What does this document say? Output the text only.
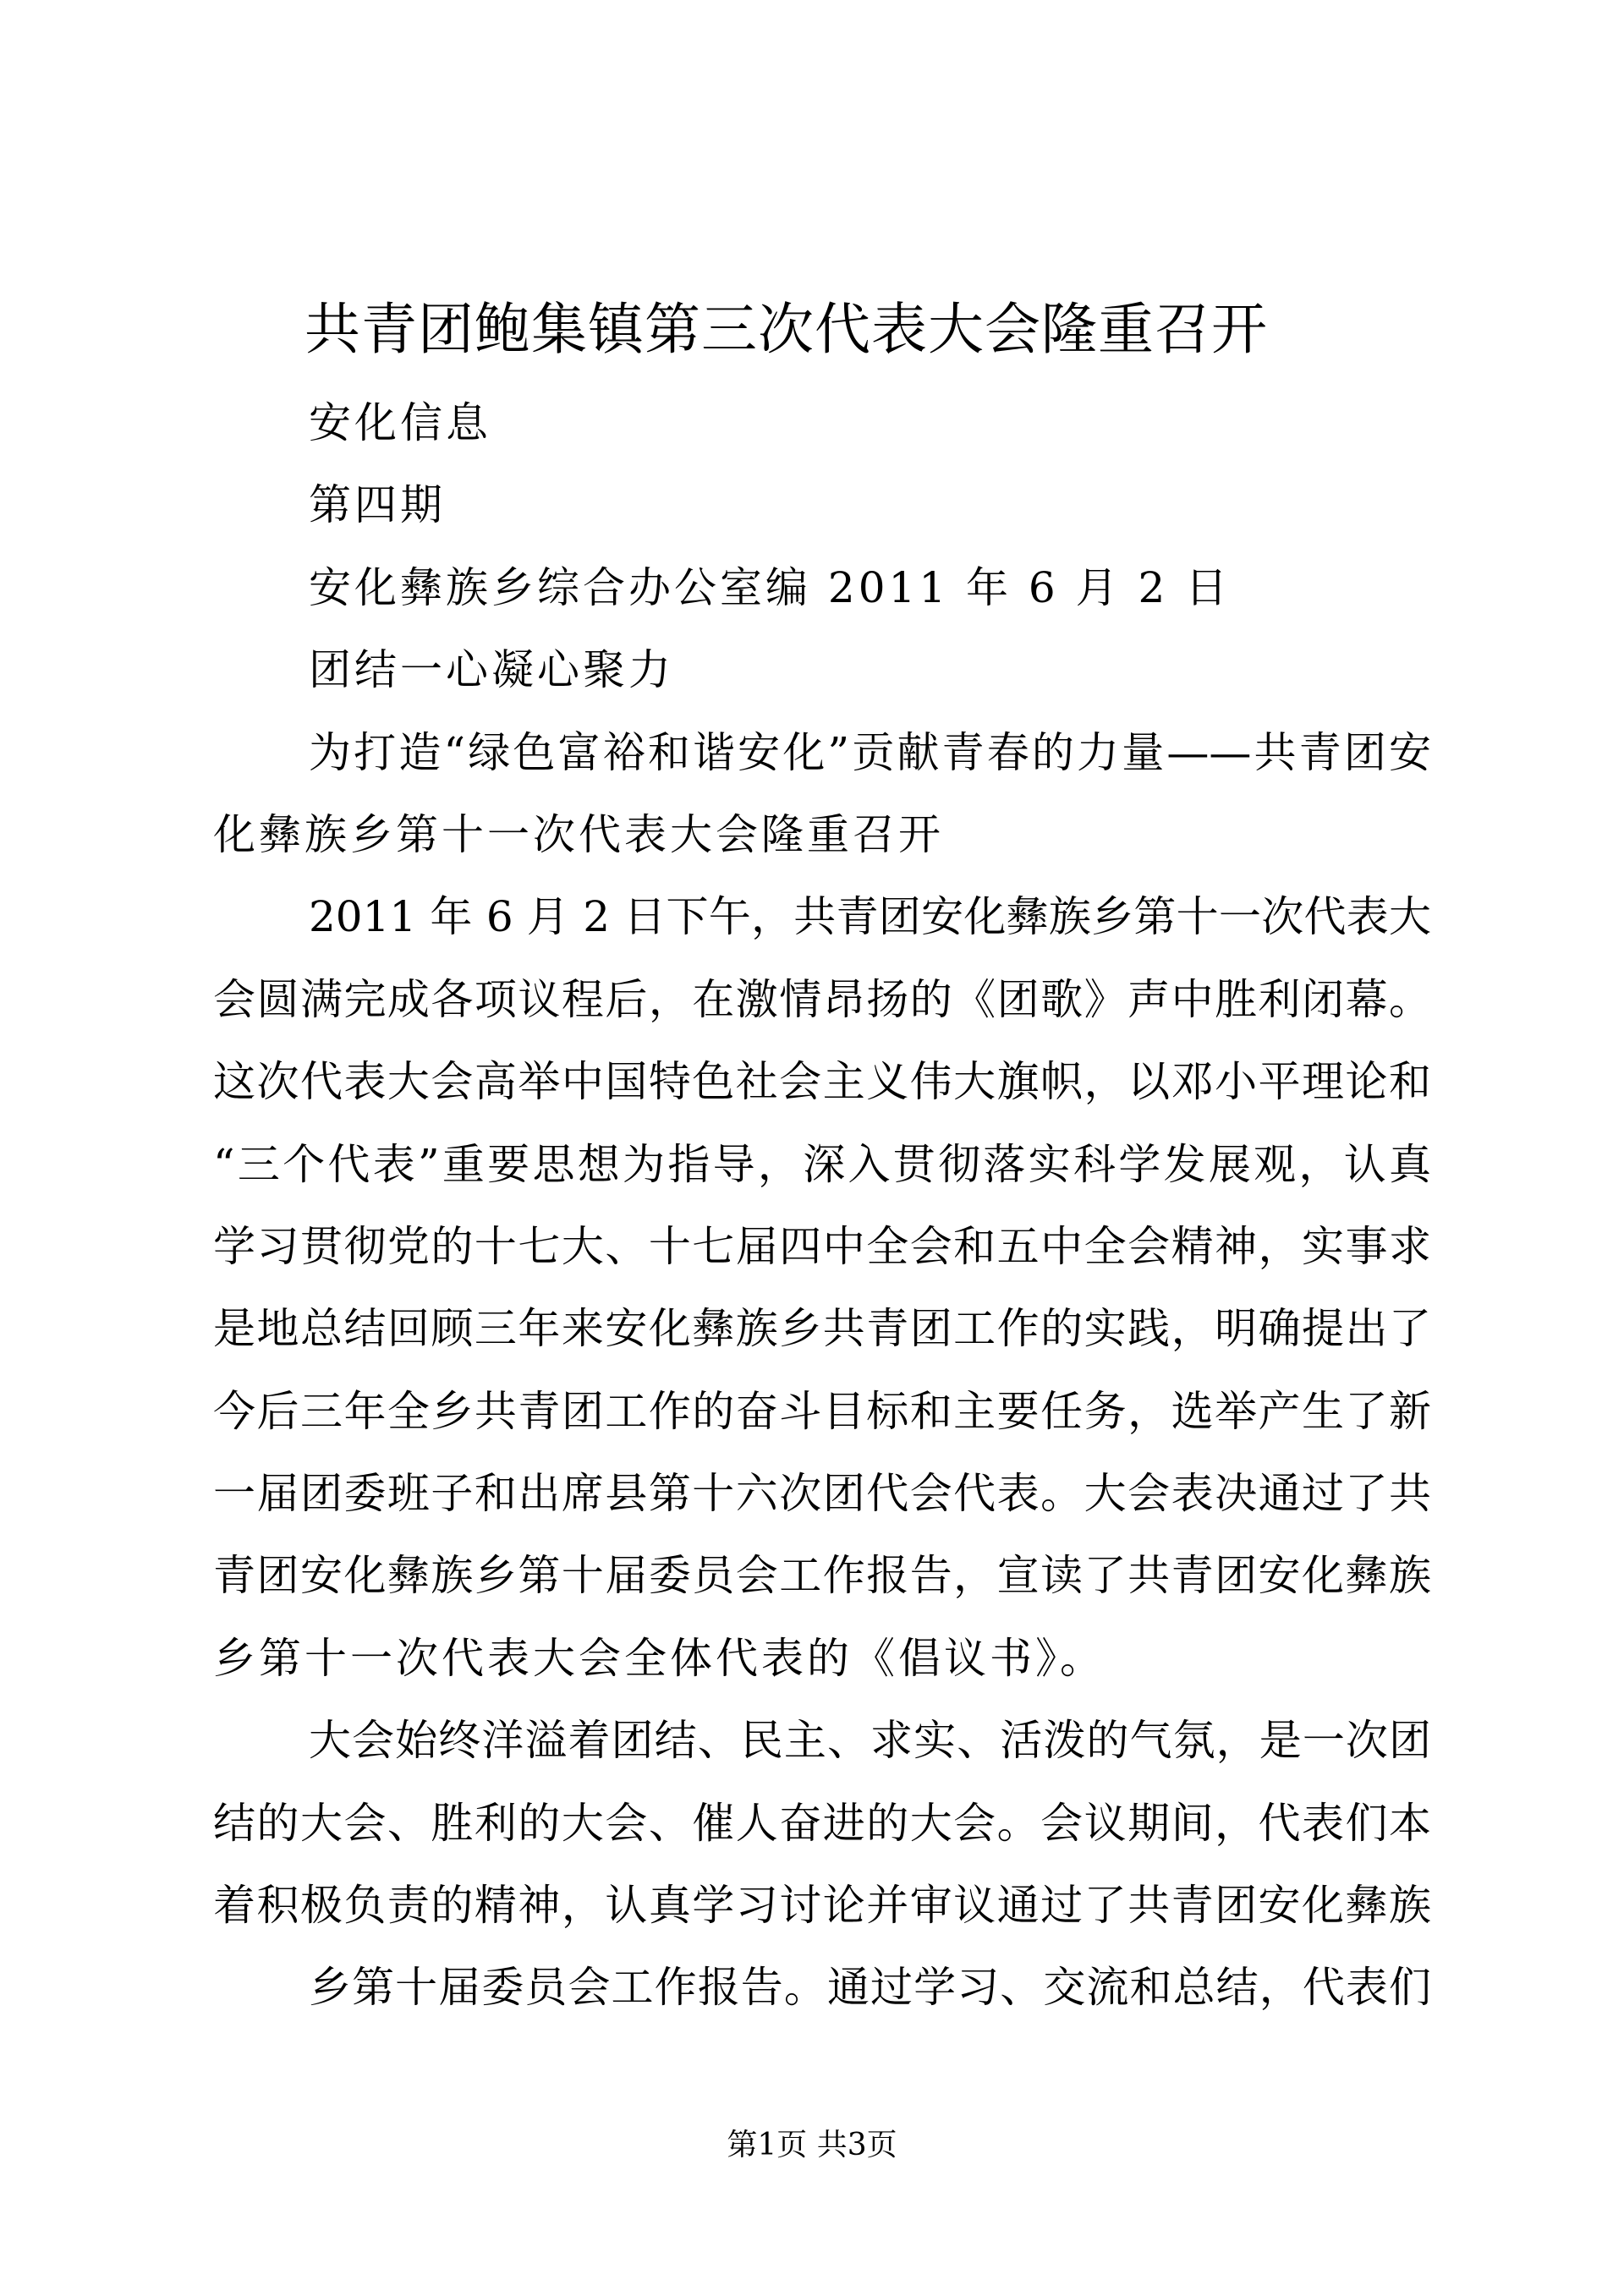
共青团鲍集镇第三次代表大会隆重召开
安化信息
第四期
安化彝族乡综合办公室编 2011 年 6 月 2 日
团结一心凝心聚力
为打造“绿色富裕和谐安化”贡献青春的力量——共青团安
化彝族乡第十一次代表大会隆重召开
2011 年 6 月 2 日下午，共青团安化彝族乡第十一次代表大
会圆满完成各项议程后，在激情昂扬的《团歌》声中胜利闭幕。
这次代表大会高举中国特色社会主义伟大旗帜，以邓小平理论和
“三个代表”重要思想为指导，深入贯彻落实科学发展观，认真
学习贯彻党的十七大、十七届四中全会和五中全会精神，实事求
是地总结回顾三年来安化彝族乡共青团工作的实践，明确提出了
今后三年全乡共青团工作的奋斗目标和主要任务，选举产生了新
一届团委班子和出席县第十六次团代会代表。大会表决通过了共
青团安化彝族乡第十届委员会工作报告，宣读了共青团安化彝族
乡第十一次代表大会全体代表的《倡议书》。
大会始终洋溢着团结、民主、求实、活泼的气氛，是一次团
结的大会、胜利的大会、催人奋进的大会。会议期间，代表们本
着积极负责的精神，认真学习讨论并审议通过了共青团安化彝族
乡第十届委员会工作报告。通过学习、交流和总结，代表们
第1页 共3页
